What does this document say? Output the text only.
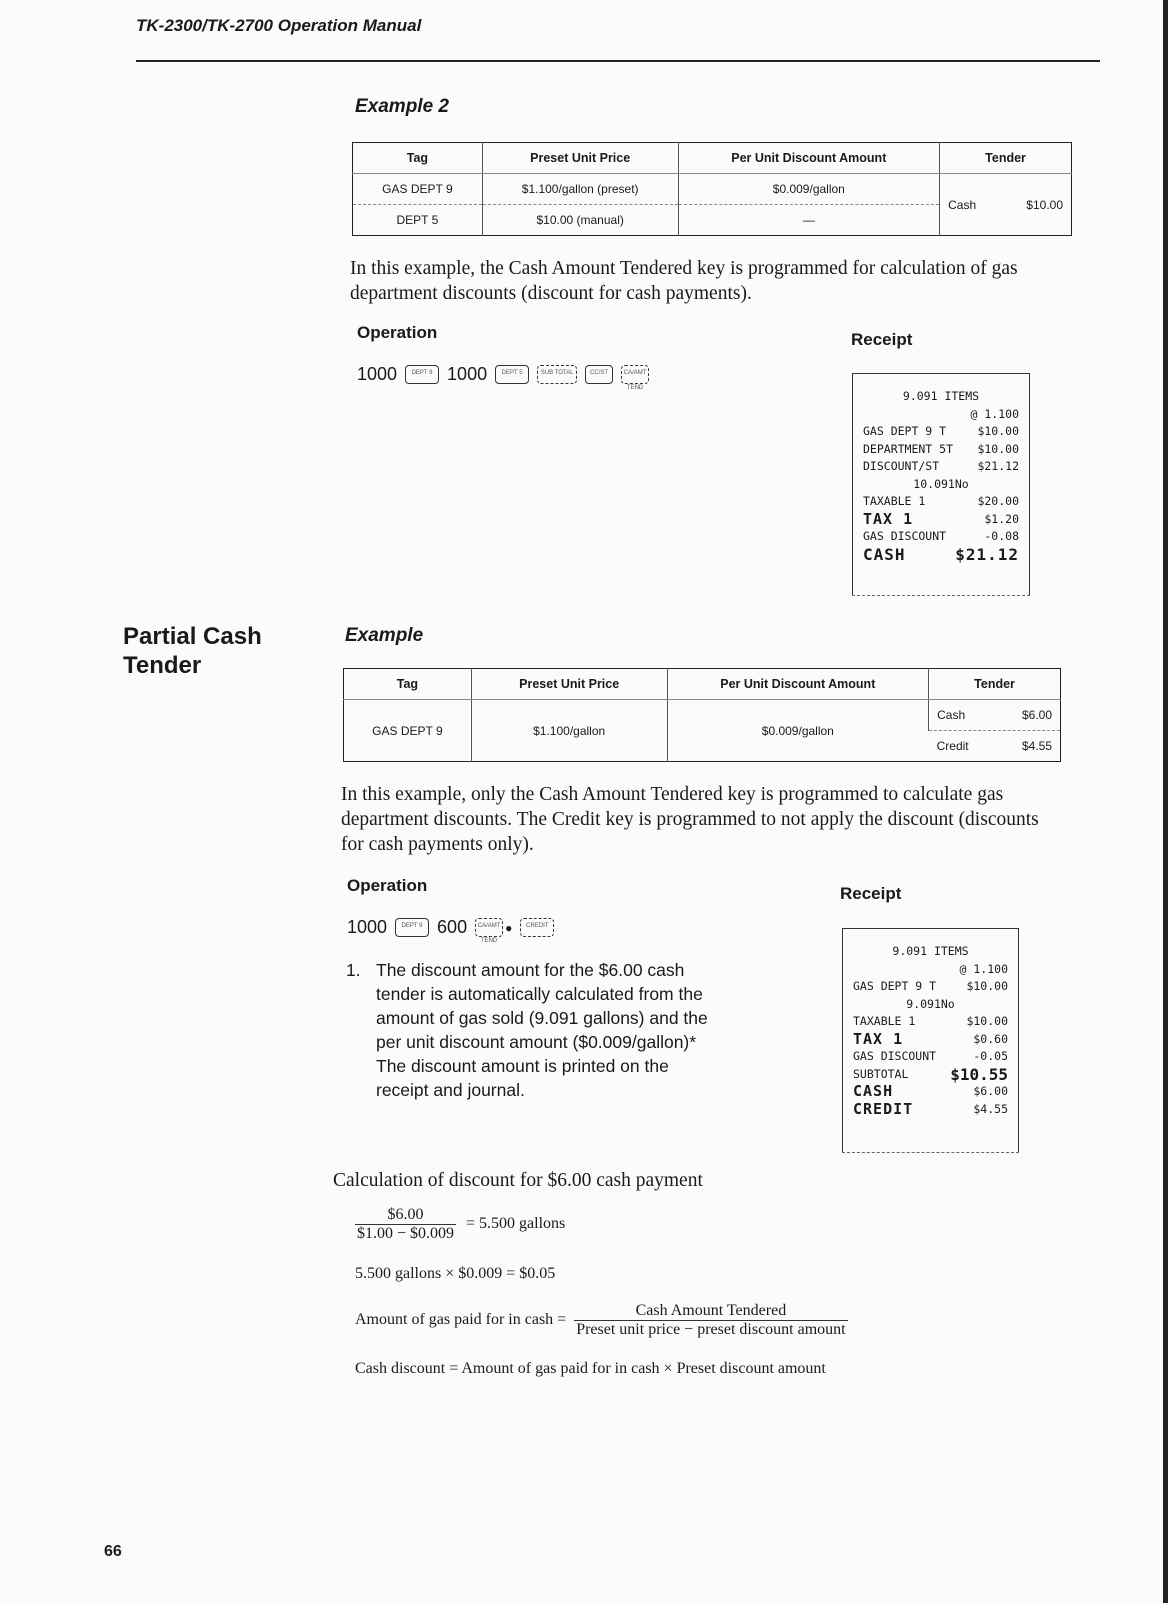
TK-2300/TK-2700 Operation Manual
Example 2
Tag	Preset Unit Price	Per Unit Discount Amount	Tender
GAS DEPT 9	$1.100/gallon (preset)	$0.009/gallon	Cash $10.00

DEPT 5	$10.00 (manual)	—	
In this example, the Cash Amount Tendered key is programmed for calculation of gas department discounts (discount for cash payments).
Operation	Receipt
1000	DEPT 9 1000	DEPT 5	SUB TOTAL	CC/ST	CA/AMT TEND
9.091 ITEMS
@ 1.100
GAS DEPT 9 T	$10.00
DEPARTMENT 5T $10.00
DISCOUNT/ST	$21.12
10.091No
TAXABLE 1	$20.00
TAX 1	$1.20
GAS DISCOUNT	-0.08
CASH	$21.12
Partial Cash
Tender
Example
Tag	Preset Unit Price	Per Unit Discount Amount	Tender
GAS DEPT 9	$1.100/gallon	$0.009/gallon	Cash $6.00

			Credit $4.55
In this example, only the Cash Amount Tendered key is programmed to calculate gas department discounts. The Credit key is programmed to not apply the discount (discounts for cash payments only).
Operation	Receipt
1000	DEPT 9 600	CA/AMT TEND
●	CREDIT
1. The discount amount for the $6.00 cash tender is automatically calculated from the amount of gas sold (9.091 gallons) and the per unit discount amount ($0.009/gallon)* The discount amount is printed on the receipt and journal.
9.091 ITEMS
@ 1.100
GAS DEPT 9 T	$10.00
9.091No
TAXABLE 1	$10.00
TAX 1	$0.60
GAS DISCOUNT	-0.05
SUBTOTAL	$10.55
CASH	$6.00
CREDIT	$4.55
Calculation of discount for $6.00 cash payment
$\frac{\$6.00}{\$1.00 - \$0.009} = 5.500$ gallons
5.500 gallons × $0.009 = $0.05
Amount of gas paid for in cash = $\frac{\text{Cash Amount Tendered}}{\text{Preset unit price − preset discount amount}}$
Cash discount = Amount of gas paid for in cash × Preset discount amount
66
